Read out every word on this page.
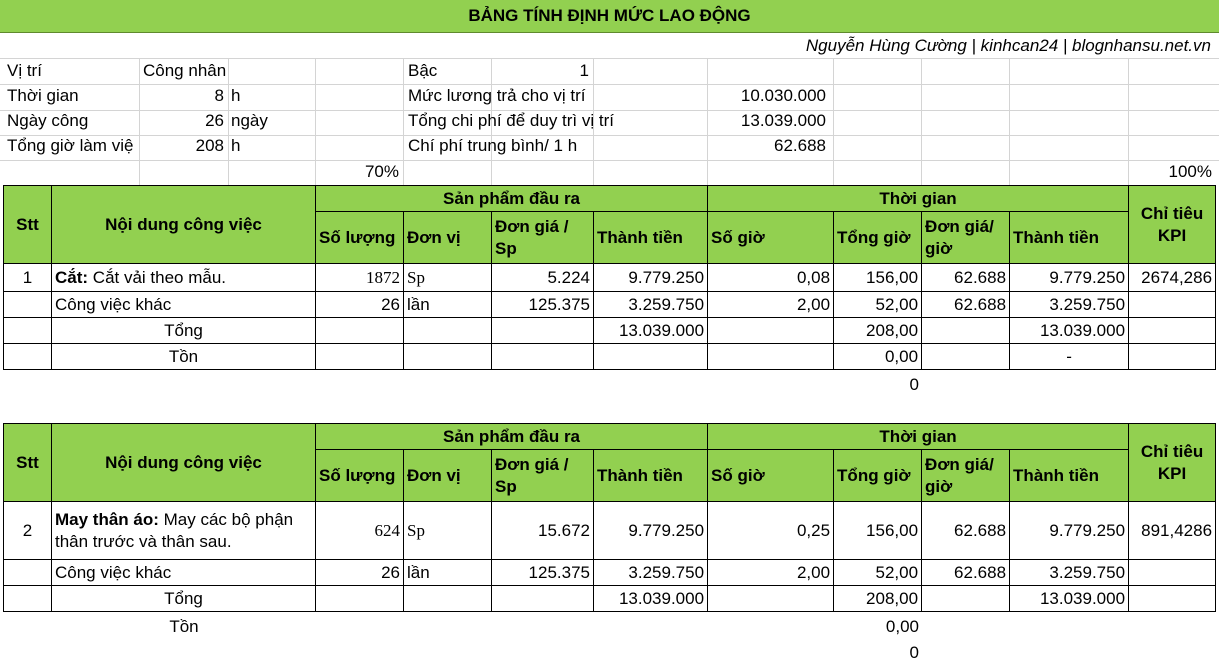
BẢNG TÍNH ĐỊNH MỨC LAO ĐỘNG
Nguyễn Hùng Cường | kinhcan24 | blognhansu.net.vn
Vị trí	Công nhân	Bậc	1
Thời gian	8 h	Mức lương trả cho vị trí	10.030.000
Ngày công	26 ngày	Tổng chi phí để duy trì vị trí	13.039.000
Tổng giờ làm việ	208 h	Chí phí trung bình/ 1 h	62.688
70%	100%
Stt	Nội dung công việc	Sản phẩm đầu ra				Thời gian				Chỉ tiêu KPI
		Số lượng	Đơn vị	Đơn giá / Sp	Thành tiền	Số giờ	Tổng giờ	Đơn giá/ giờ	Thành tiền	
1	Cắt: Cắt vải theo mẫu.	1872	Sp	5.224	9.779.250	0,08	156,00	62.688	9.779.250	2674,286
	Công việc khác	26	lần	125.375	3.259.750	2,00	52,00	62.688	3.259.750	
	Tổng				13.039.000		208,00		13.039.000	
	Tồn						0,00		-	
0
Stt	Nội dung công việc	Sản phẩm đầu ra				Thời gian				Chỉ tiêu KPI
		Số lượng	Đơn vị	Đơn giá / Sp	Thành tiền	Số giờ	Tổng giờ	Đơn giá/ giờ	Thành tiền	
2	May thân áo: May các bộ phận thân trước và thân sau.	624	Sp	15.672	9.779.250	0,25	156,00	62.688	9.779.250	891,4286
	Công việc khác	26	lần	125.375	3.259.750	2,00	52,00	62.688	3.259.750	
	Tổng				13.039.000		208,00		13.039.000	
Tồn	0,00
0
